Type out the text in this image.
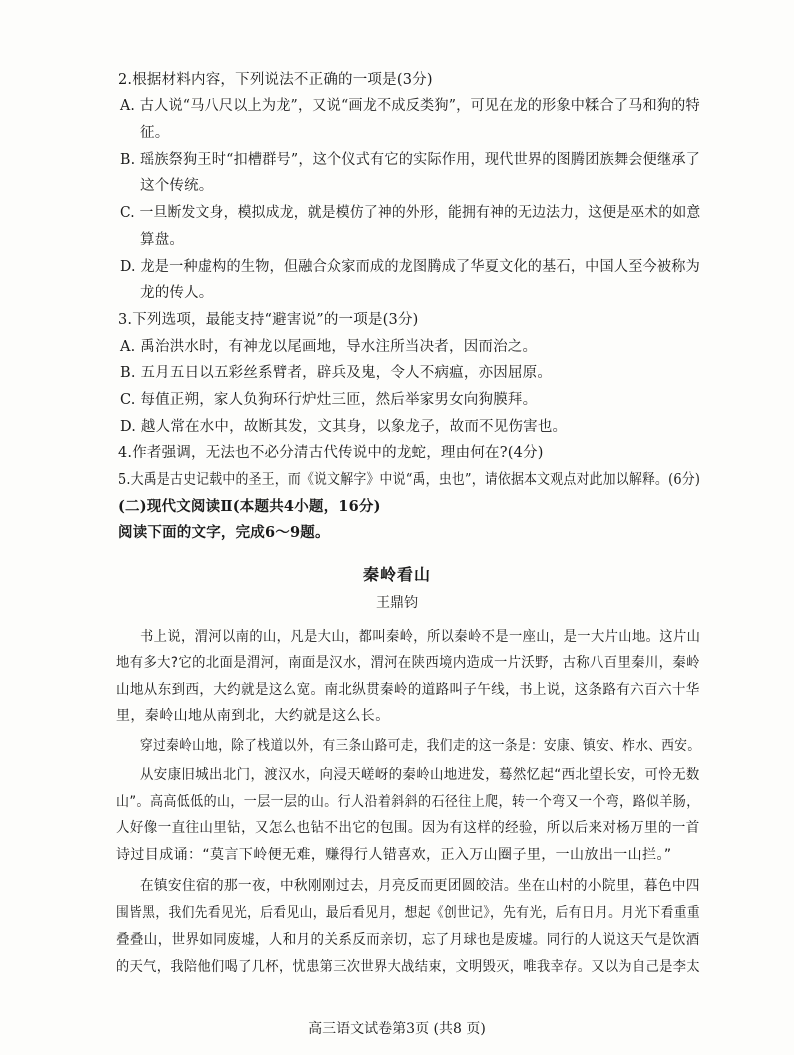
2.根据材料内容，下列说法不正确的一项是(3分)
A. 古人说“马八尺以上为龙”，又说“画龙不成反类狗”，可见在龙的形象中糅合了马和狗的特
征。
B. 瑶族祭狗王时“扣槽群号”，这个仪式有它的实际作用，现代世界的图腾团族舞会便继承了
这个传统。
C. 一旦断发文身，模拟成龙，就是模仿了神的外形，能拥有神的无边法力，这便是巫术的如意
算盘。
D. 龙是一种虚构的生物，但融合众家而成的龙图腾成了华夏文化的基石，中国人至今被称为
龙的传人。
3.下列选项，最能支持“避害说”的一项是(3分)
A. 禹治洪水时，有神龙以尾画地，导水注所当决者，因而治之。
B. 五月五日以五彩丝系臂者，辟兵及鬼，令人不病瘟，亦因屈原。
C. 每值正朔，家人负狗环行炉灶三匝，然后举家男女向狗膜拜。
D. 越人常在水中，故断其发，文其身，以象龙子，故而不见伤害也。
4.作者强调，无法也不必分清古代传说中的龙蛇，理由何在?(4分)
5.大禹是古史记载中的圣王，而《说文解字》中说“禹，虫也”，请依据本文观点对此加以解释。(6分)
(二)现代文阅读Ⅱ(本题共4小题，16分)
阅读下面的文字，完成6～9题。
秦岭看山
王鼎钧
书上说，渭河以南的山，凡是大山，都叫秦岭，所以秦岭不是一座山，是一大片山地。这片山
地有多大?它的北面是渭河，南面是汉水，渭河在陕西境内造成一片沃野，古称八百里秦川，秦岭
山地从东到西，大约就是这么宽。南北纵贯秦岭的道路叫子午线，书上说，这条路有六百六十华
里，秦岭山地从南到北，大约就是这么长。
穿过秦岭山地，除了栈道以外，有三条山路可走，我们走的这一条是：安康、镇安、柞水、西安。
从安康旧城出北门，渡汉水，向浸天嵯岈的秦岭山地进发，蓦然忆起“西北望长安，可怜无数
山”。高高低低的山，一层一层的山。行人沿着斜斜的石径往上爬，转一个弯又一个弯，路似羊肠，
人好像一直往山里钻，又怎么也钻不出它的包围。因为有这样的经验，所以后来对杨万里的一首
诗过目成诵：“莫言下岭便无难，赚得行人错喜欢，正入万山圈子里，一山放出一山拦。”
在镇安住宿的那一夜，中秋刚刚过去，月亮反而更团圆皎洁。坐在山村的小院里，暮色中四
围皆黑，我们先看见光，后看见山，最后看见月，想起《创世记》，先有光，后有日月。月光下看重重
叠叠山，世界如同废墟，人和月的关系反而亲切，忘了月球也是废墟。同行的人说这天气是饮酒
的天气，我陪他们喝了几杯，忧患第三次世界大战结束，文明毁灭，唯我幸存。又以为自己是李太
高三语文试卷第3页 (共8 页)
